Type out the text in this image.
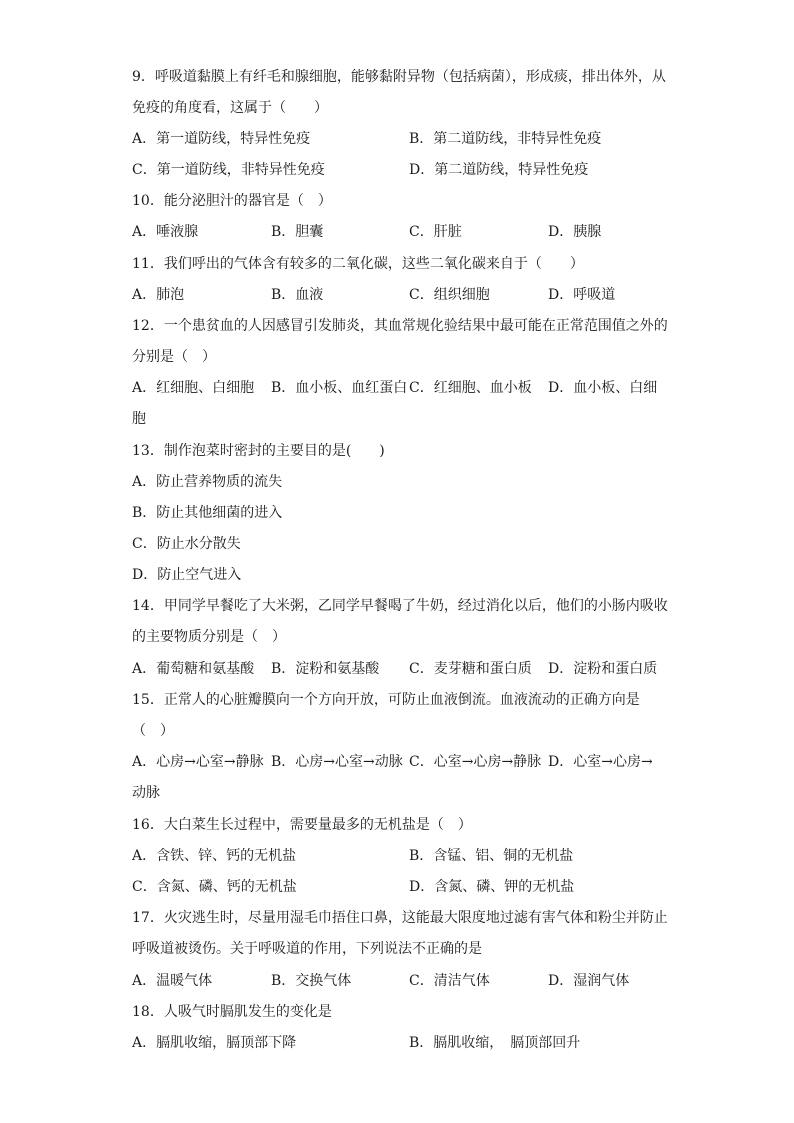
9．呼吸道黏膜上有纤毛和腺细胞，能够黏附异物（包括病菌），形成痰，排出体外，从
免疫的角度看，这属于（　　）
A．第一道防线，特异性免疫	B．第二道防线，非特异性免疫
C．第一道防线，非特异性免疫	D．第二道防线，特异性免疫
10．能分泌胆汁的器官是（　）
A．唾液腺	B．胆囊	C．肝脏	D．胰腺
11．我们呼出的气体含有较多的二氧化碳，这些二氧化碳来自于（　　）
A．肺泡	B．血液	C．组织细胞	D．呼吸道
12．一个患贫血的人因感冒引发肺炎，其血常规化验结果中最可能在正常范围值之外的
分别是（　）
A．红细胞、白细胞 B．血小板、血红蛋白 C．红细胞、血小板 D．血小板、白细
胞
13．制作泡菜时密封的主要目的是(　　)
A．防止营养物质的流失
B．防止其他细菌的进入
C．防止水分散失
D．防止空气进入
14．甲同学早餐吃了大米粥，乙同学早餐喝了牛奶，经过消化以后，他们的小肠内吸收
的主要物质分别是（　）
A．葡萄糖和氨基酸 B．淀粉和氨基酸 C．麦芽糖和蛋白质 D．淀粉和蛋白质
15．正常人的心脏瓣膜向一个方向开放，可防止血液倒流。血液流动的正确方向是
（　）
A．心房→心室→静脉 B．心房→心室→动脉 C．心室→心房→静脉 D．心室→心房→
动脉
16．大白菜生长过程中，需要量最多的无机盐是（　）
A．含铁、锌、钙的无机盐	B．含锰、铝、铜的无机盐
C．含氮、磷、钙的无机盐	D．含氮、磷、钾的无机盐
17．火灾逃生时，尽量用湿毛巾捂住口鼻，这能最大限度地过滤有害气体和粉尘并防止
呼吸道被烫伤。关于呼吸道的作用，下列说法不正确的是
A．温暖气体	B．交换气体	C．清洁气体	D．湿润气体
18．人吸气时膈肌发生的变化是
A．膈肌收缩，膈顶部下降	B．膈肌收缩，　膈顶部回升
